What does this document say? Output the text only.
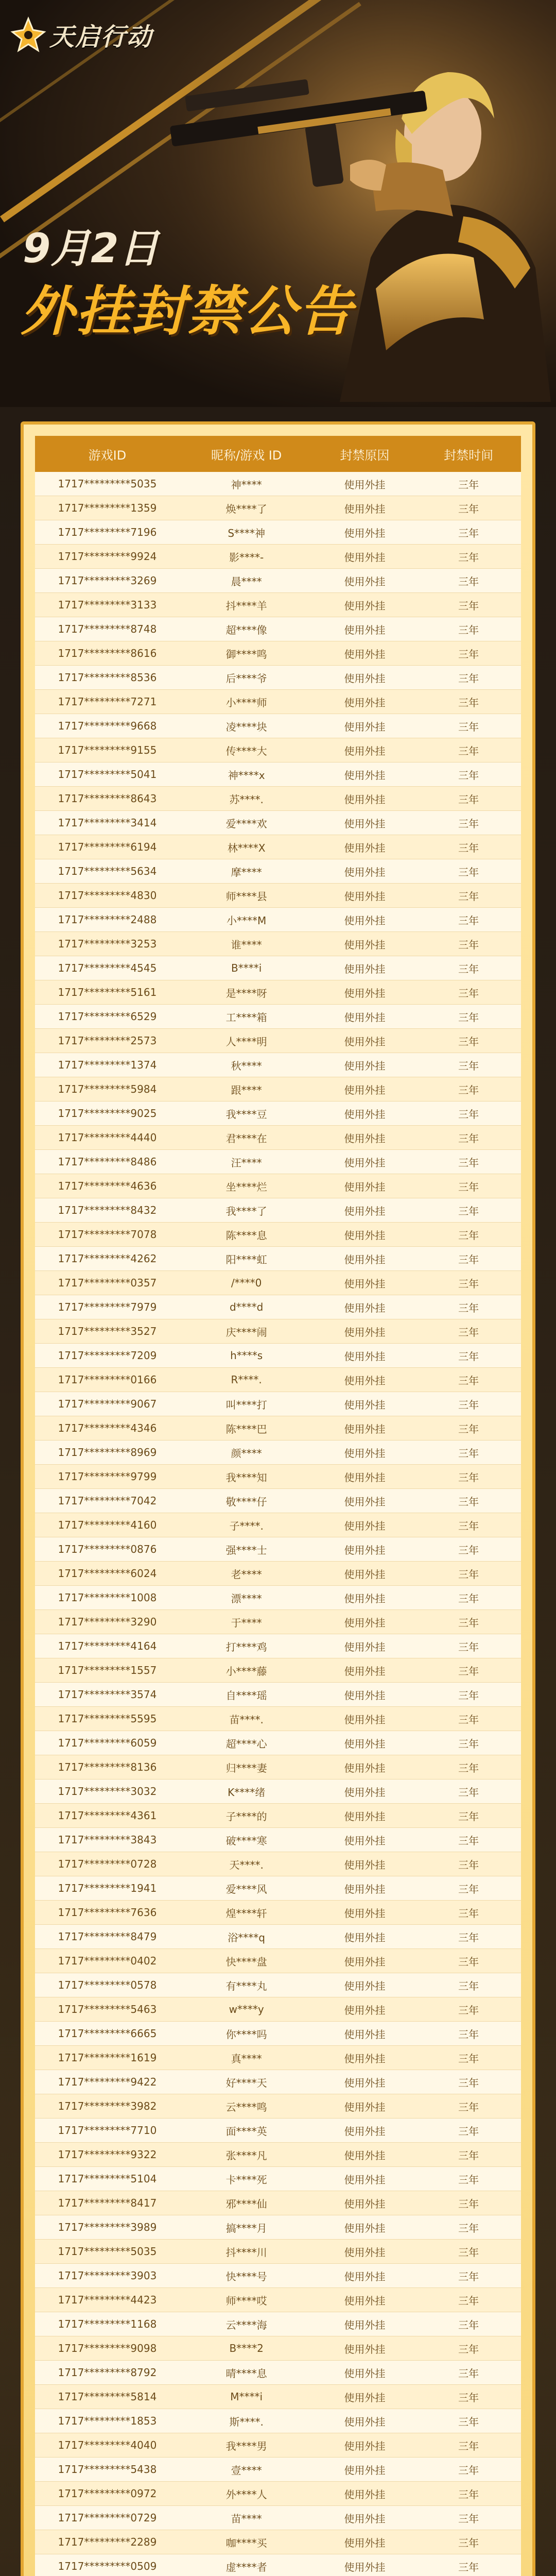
天启行动
9月2日
外挂封禁公告
游戏ID	昵称/游戏 ID	封禁原因	封禁时间
1717*********5035	神****	使用外挂	三年
1717*********1359	焕****了	使用外挂	三年
1717*********7196	S****神	使用外挂	三年
1717*********9924	影****-	使用外挂	三年
1717*********3269	晨****	使用外挂	三年
1717*********3133	抖****羊	使用外挂	三年
1717*********8748	超****像	使用外挂	三年
1717*********8616	御****鸣	使用外挂	三年
1717*********8536	后****爷	使用外挂	三年
1717*********7271	小****师	使用外挂	三年
1717*********9668	凌****块	使用外挂	三年
1717*********9155	传****大	使用外挂	三年
1717*********5041	神****x	使用外挂	三年
1717*********8643	苏****.	使用外挂	三年
1717*********3414	爱****欢	使用外挂	三年
1717*********6194	林****X	使用外挂	三年
1717*********5634	摩****	使用外挂	三年
1717*********4830	师****县	使用外挂	三年
1717*********2488	小****M	使用外挂	三年
1717*********3253	谁****	使用外挂	三年
1717*********4545	B****i	使用外挂	三年
1717*********5161	是****呀	使用外挂	三年
1717*********6529	工****箱	使用外挂	三年
1717*********2573	人****明	使用外挂	三年
1717*********1374	秋****	使用外挂	三年
1717*********5984	跟****	使用外挂	三年
1717*********9025	我****豆	使用外挂	三年
1717*********4440	君****在	使用外挂	三年
1717*********8486	汪****	使用外挂	三年
1717*********4636	坐****烂	使用外挂	三年
1717*********8432	我****了	使用外挂	三年
1717*********7078	陈****息	使用外挂	三年
1717*********4262	阳****虹	使用外挂	三年
1717*********0357	/****0	使用外挂	三年
1717*********7979	d****d	使用外挂	三年
1717*********3527	庆****闹	使用外挂	三年
1717*********7209	h****s	使用外挂	三年
1717*********0166	R****.	使用外挂	三年
1717*********9067	叫****打	使用外挂	三年
1717*********4346	陈****巴	使用外挂	三年
1717*********8969	颜****	使用外挂	三年
1717*********9799	我****知	使用外挂	三年
1717*********7042	敬****仔	使用外挂	三年
1717*********4160	子****.	使用外挂	三年
1717*********0876	强****士	使用外挂	三年
1717*********6024	老****	使用外挂	三年
1717*********1008	漂****	使用外挂	三年
1717*********3290	于****	使用外挂	三年
1717*********4164	打****鸡	使用外挂	三年
1717*********1557	小****藤	使用外挂	三年
1717*********3574	自****瑶	使用外挂	三年
1717*********5595	苗****.	使用外挂	三年
1717*********6059	超****心	使用外挂	三年
1717*********8136	归****妻	使用外挂	三年
1717*********3032	K****绪	使用外挂	三年
1717*********4361	子****的	使用外挂	三年
1717*********3843	破****寒	使用外挂	三年
1717*********0728	天****.	使用外挂	三年
1717*********1941	爱****风	使用外挂	三年
1717*********7636	煌****轩	使用外挂	三年
1717*********8479	浴****q	使用外挂	三年
1717*********0402	快****盘	使用外挂	三年
1717*********0578	有****丸	使用外挂	三年
1717*********5463	w****y	使用外挂	三年
1717*********6665	你****吗	使用外挂	三年
1717*********1619	真****	使用外挂	三年
1717*********9422	好****天	使用外挂	三年
1717*********3982	云****鸣	使用外挂	三年
1717*********7710	面****英	使用外挂	三年
1717*********9322	张****凡	使用外挂	三年
1717*********5104	卡****死	使用外挂	三年
1717*********8417	邪****仙	使用外挂	三年
1717*********3989	搞****月	使用外挂	三年
1717*********5035	抖****川	使用外挂	三年
1717*********3903	快****号	使用外挂	三年
1717*********4423	师****哎	使用外挂	三年
1717*********1168	云****海	使用外挂	三年
1717*********9098	B****2	使用外挂	三年
1717*********8792	晴****息	使用外挂	三年
1717*********5814	M****i	使用外挂	三年
1717*********1853	斯****.	使用外挂	三年
1717*********4040	我****男	使用外挂	三年
1717*********5438	壹****	使用外挂	三年
1717*********0972	外****人	使用外挂	三年
1717*********0729	苗****	使用外挂	三年
1717*********2289	咖****买	使用外挂	三年
1717*********0509	虚****者	使用外挂	三年
